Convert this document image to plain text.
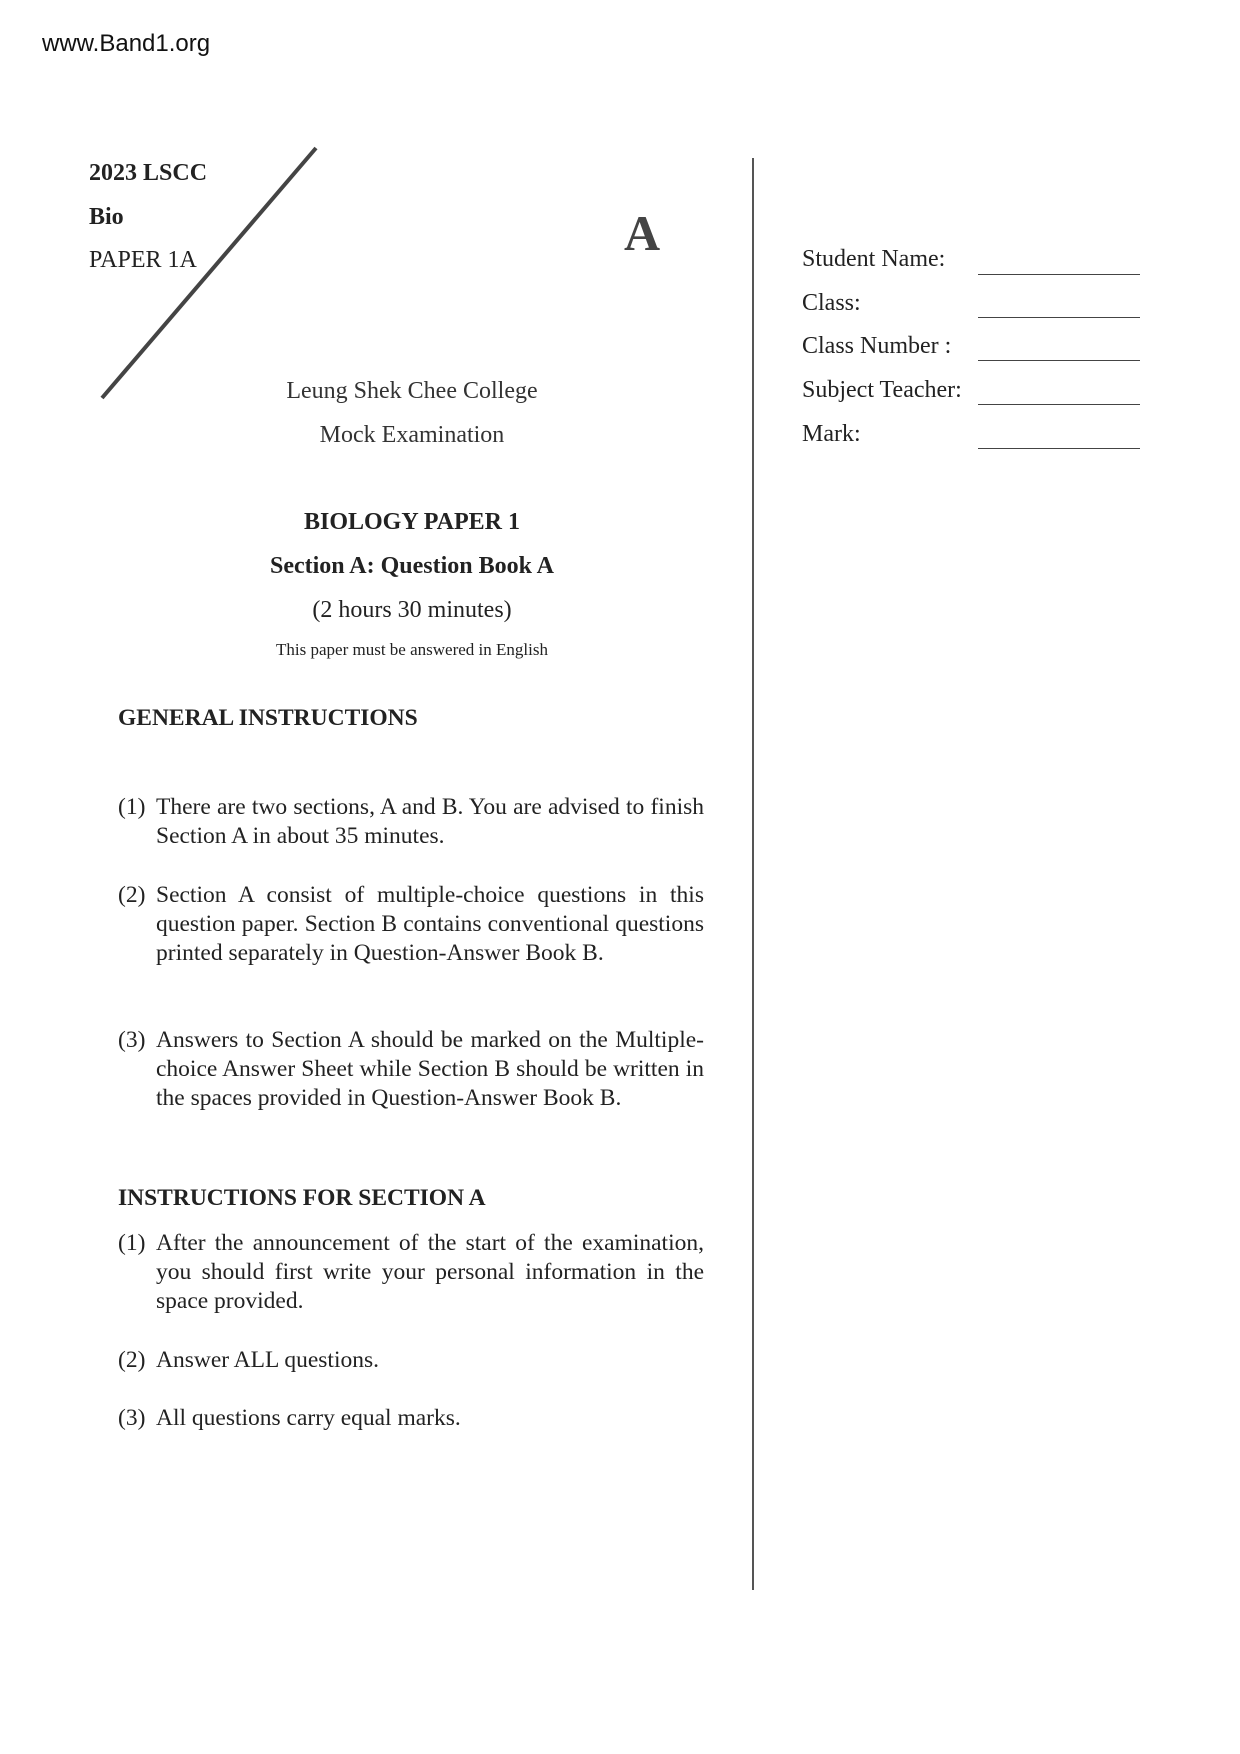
www.Band1.org
2023 LSCC
Bio
PAPER 1A	A	Student Name:
Class:
Class Number :
Subject Teacher:
Mark:
Leung Shek Chee College
Mock Examination
BIOLOGY PAPER 1
Section A: Question Book A
(2 hours 30 minutes)
This paper must be answered in English
GENERAL INSTRUCTIONS
(1) There are two sections, A and B. You are advised to finish Section A in about 35 minutes.
(2) Section A consist of multiple-choice questions in this question paper. Section B contains conventional questions printed separately in Question-Answer Book B.
(3) Answers to Section A should be marked on the Multiple-choice Answer Sheet while Section B should be written in the spaces provided in Question-Answer Book B.
INSTRUCTIONS FOR SECTION A
(1) After the announcement of the start of the examination, you should first write your personal information in the space provided.
(2) Answer ALL questions.
(3) All questions carry equal marks.
